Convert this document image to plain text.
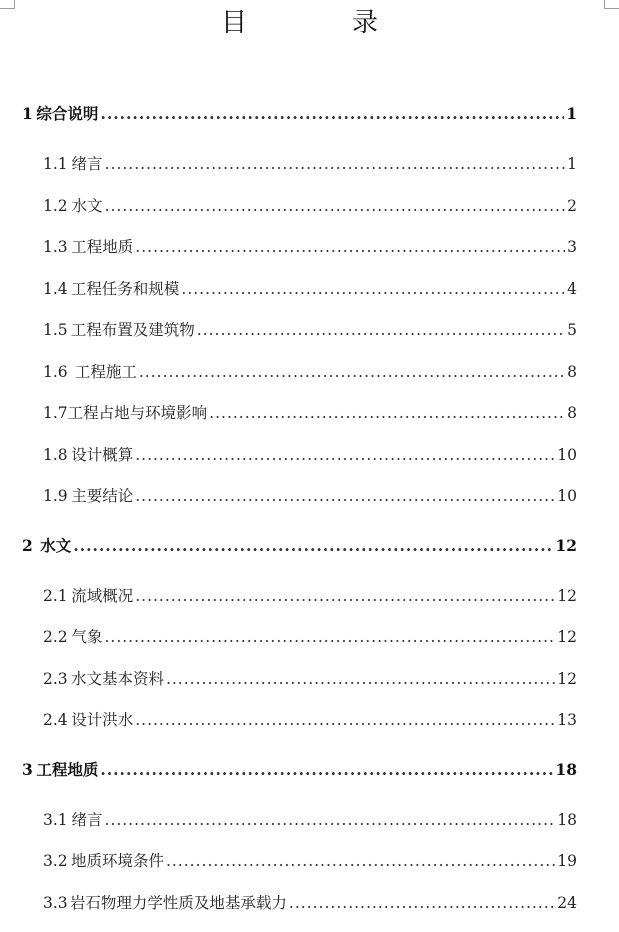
目	录
1 综合说明 .....	1
1.1 绪言 .....	1
1.2 水文 .....	2
1.3 工程地质 .....	3
1.4 工程任务和规模 .....	4
1.5 工程布置及建筑物 .....	5
1.6 工程施工 .....	8
1.7 工程占地与环境影响 .....	8
1.8 设计概算 .....	10
1.9 主要结论 .....	10
2 水文 .....	12
2.1 流域概况 .....	12
2.2 气象 .....	12
2.3 水文基本资料 .....	12
2.4 设计洪水 .....	13
3 工程地质 .....	18
3.1 绪言 .....	18
3.2 地质环境条件 .....	19
3.3 岩石物理力学性质及地基承载力 .....	24
